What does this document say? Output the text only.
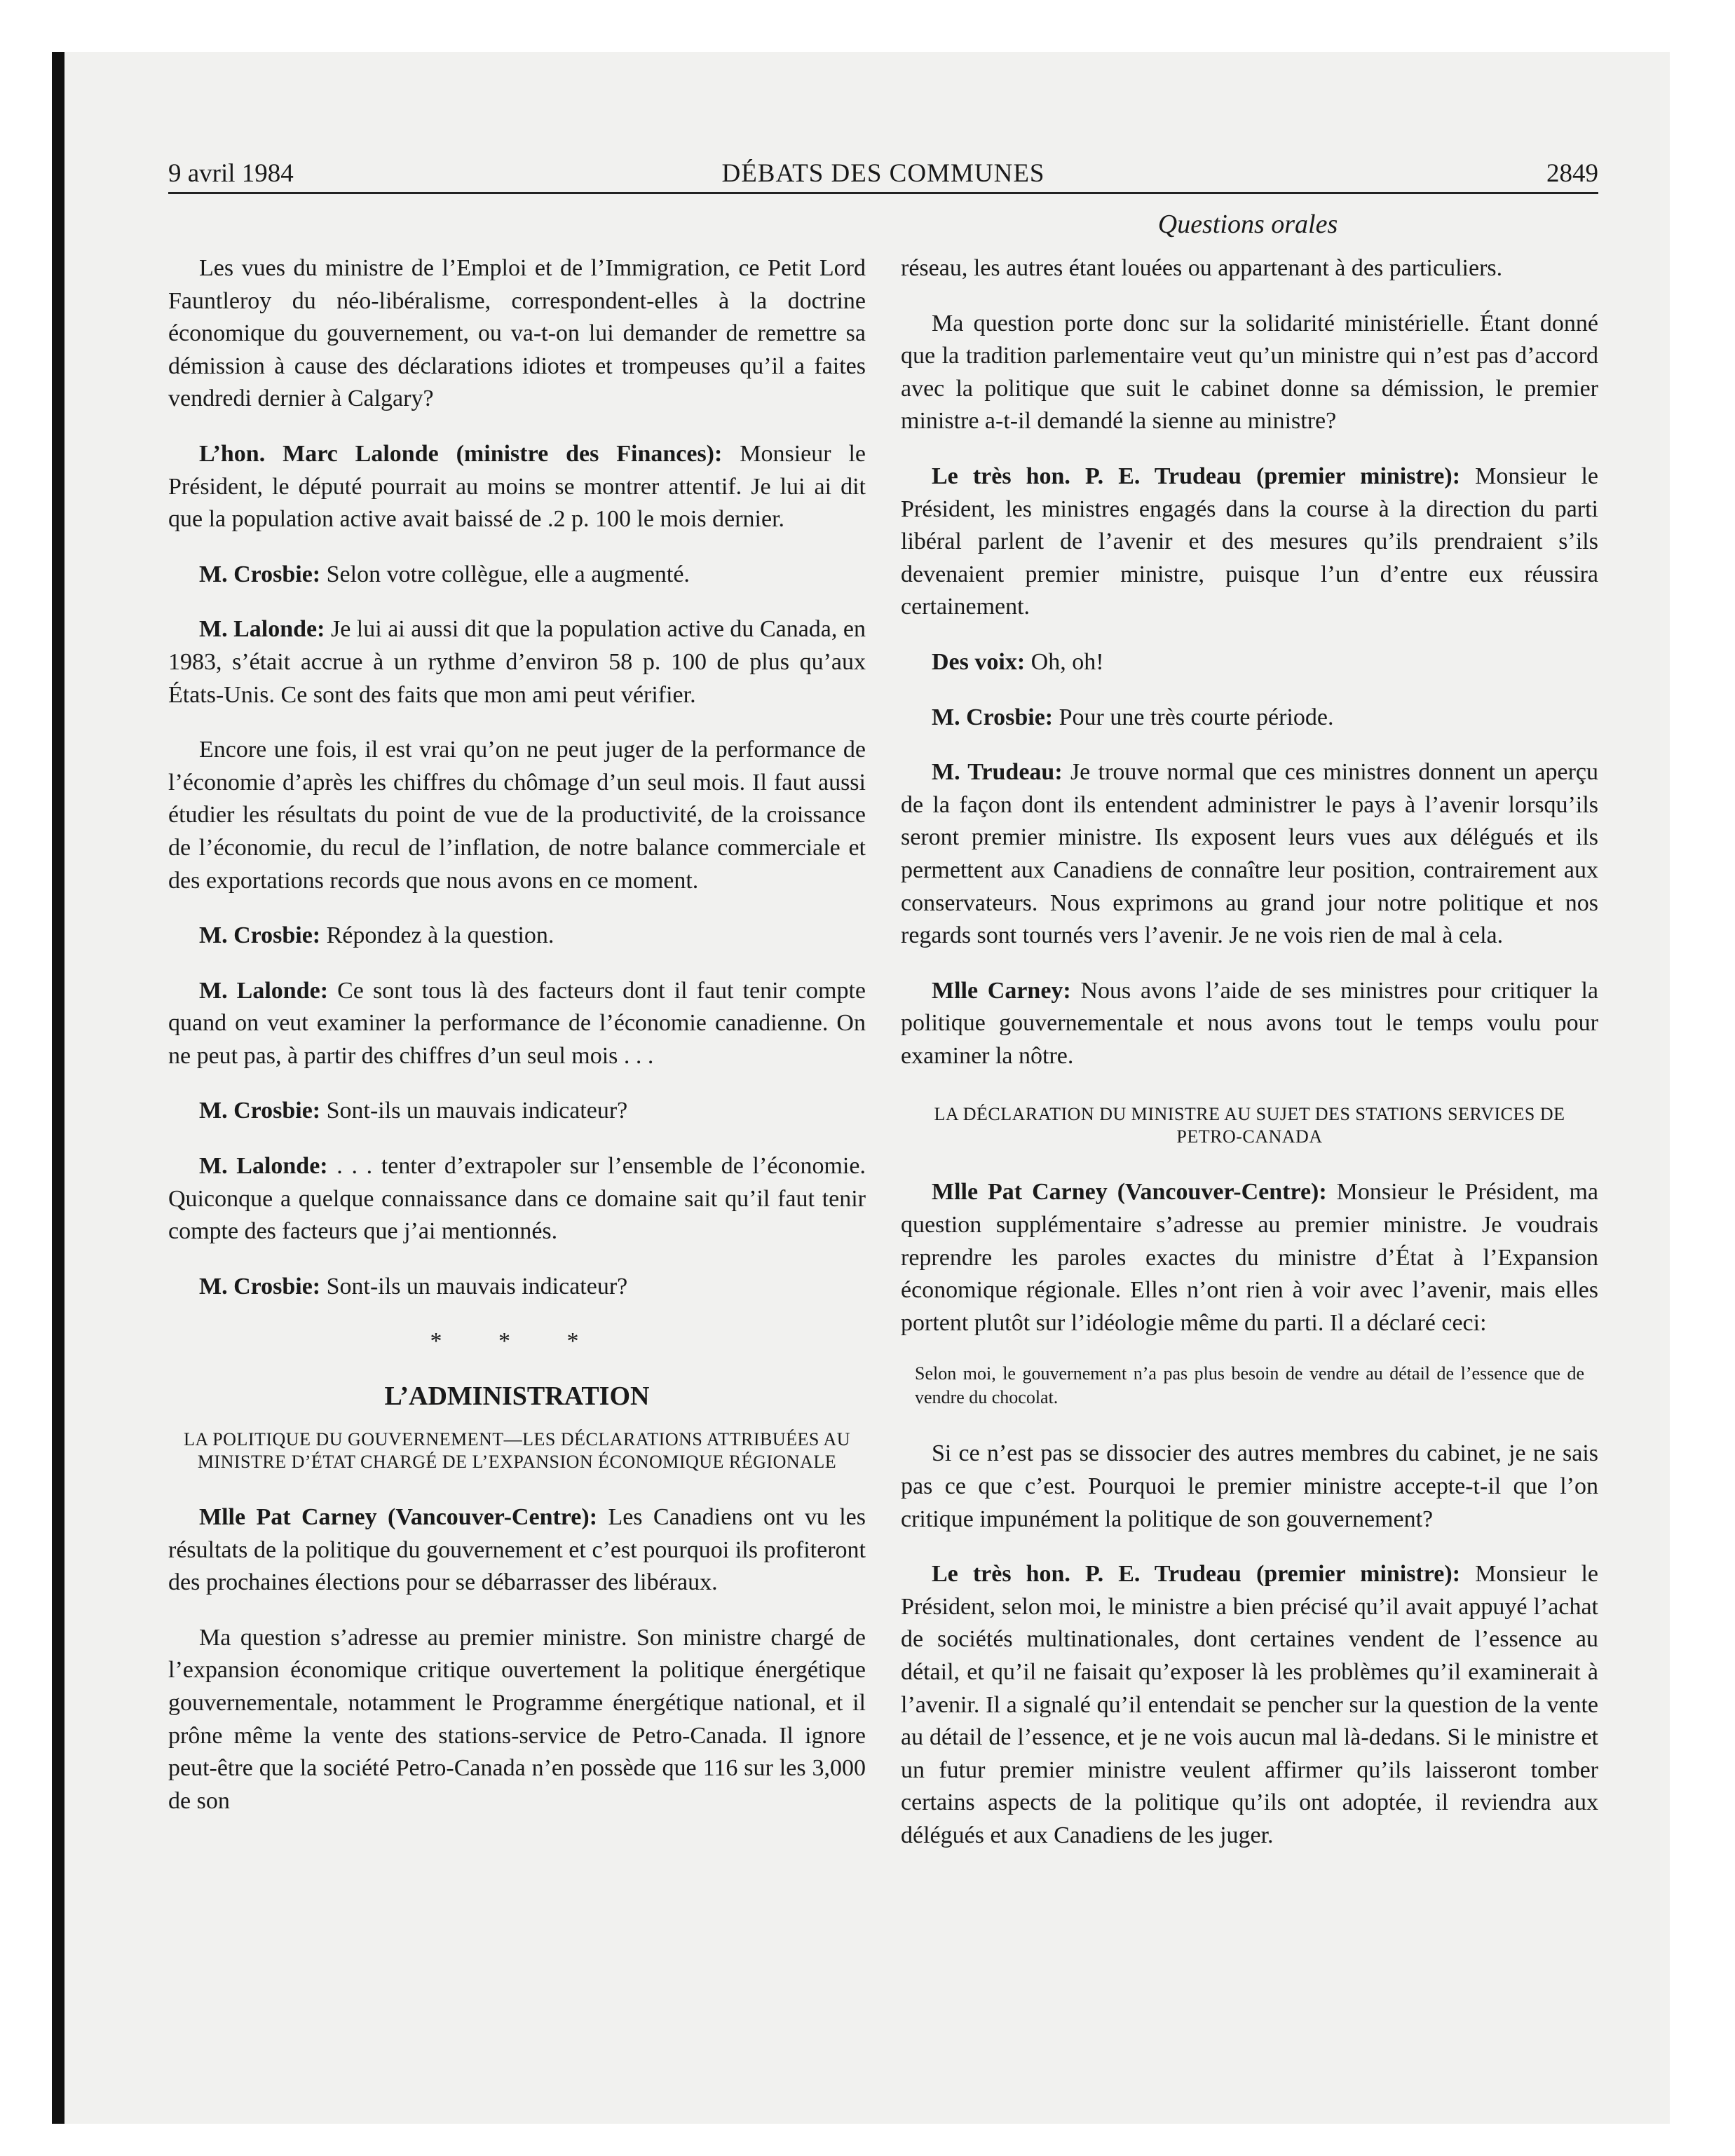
9 avril 1984	DÉBATS DES COMMUNES	2849
Questions orales

Les vues du ministre de l’Emploi et de l’Immigration, ce Petit Lord Fauntleroy du néo-libéralisme, correspondent-elles à la doctrine économique du gouvernement, ou va-t-on lui demander de remettre sa démission à cause des déclarations idiotes et trompeuses qu’il a faites vendredi dernier à Calgary?

L’hon. Marc Lalonde (ministre des Finances): Monsieur le Président, le député pourrait au moins se montrer attentif. Je lui ai dit que la population active avait baissé de .2 p. 100 le mois dernier.

M. Crosbie: Selon votre collègue, elle a augmenté.

M. Lalonde: Je lui ai aussi dit que la population active du Canada, en 1983, s’était accrue à un rythme d’environ 58 p. 100 de plus qu’aux États-Unis. Ce sont des faits que mon ami peut vérifier.

Encore une fois, il est vrai qu’on ne peut juger de la performance de l’économie d’après les chiffres du chômage d’un seul mois. Il faut aussi étudier les résultats du point de vue de la productivité, de la croissance de l’économie, du recul de l’inflation, de notre balance commerciale et des exportations records que nous avons en ce moment.

M. Crosbie: Répondez à la question.

M. Lalonde: Ce sont tous là des facteurs dont il faut tenir compte quand on veut examiner la performance de l’économie canadienne. On ne peut pas, à partir des chiffres d’un seul mois . . .

M. Crosbie: Sont-ils un mauvais indicateur?

M. Lalonde: . . . tenter d’extrapoler sur l’ensemble de l’économie. Quiconque a quelque connaissance dans ce domaine sait qu’il faut tenir compte des facteurs que j’ai mentionnés.

M. Crosbie: Sont-ils un mauvais indicateur?

* * *
L’ADMINISTRATION
LA POLITIQUE DU GOUVERNEMENT—LES DÉCLARATIONS ATTRIBUÉES AU MINISTRE D’ÉTAT CHARGÉ DE L’EXPANSION ÉCONOMIQUE RÉGIONALE

Mlle Pat Carney (Vancouver-Centre): Les Canadiens ont vu les résultats de la politique du gouvernement et c’est pourquoi ils profiteront des prochaines élections pour se débarrasser des libéraux.

Ma question s’adresse au premier ministre. Son ministre chargé de l’expansion économique critique ouvertement la politique énergétique gouvernementale, notamment le Programme énergétique national, et il prône même la vente des stations-service de Petro-Canada. Il ignore peut-être que la société Petro-Canada n’en possède que 116 sur les 3,000 de son

réseau, les autres étant louées ou appartenant à des particuliers.

Ma question porte donc sur la solidarité ministérielle. Étant donné que la tradition parlementaire veut qu’un ministre qui n’est pas d’accord avec la politique que suit le cabinet donne sa démission, le premier ministre a-t-il demandé la sienne au ministre?

Le très hon. P. E. Trudeau (premier ministre): Monsieur le Président, les ministres engagés dans la course à la direction du parti libéral parlent de l’avenir et des mesures qu’ils prendraient s’ils devenaient premier ministre, puisque l’un d’entre eux réussira certainement.

Des voix: Oh, oh!

M. Crosbie: Pour une très courte période.

M. Trudeau: Je trouve normal que ces ministres donnent un aperçu de la façon dont ils entendent administrer le pays à l’avenir lorsqu’ils seront premier ministre. Ils exposent leurs vues aux délégués et ils permettent aux Canadiens de connaître leur position, contrairement aux conservateurs. Nous exprimons au grand jour notre politique et nos regards sont tournés vers l’avenir. Je ne vois rien de mal à cela.

Mlle Carney: Nous avons l’aide de ses ministres pour critiquer la politique gouvernementale et nous avons tout le temps voulu pour examiner la nôtre.

LA DÉCLARATION DU MINISTRE AU SUJET DES STATIONS SERVICES DE PETRO-CANADA

Mlle Pat Carney (Vancouver-Centre): Monsieur le Président, ma question supplémentaire s’adresse au premier ministre. Je voudrais reprendre les paroles exactes du ministre d’État à l’Expansion économique régionale. Elles n’ont rien à voir avec l’avenir, mais elles portent plutôt sur l’idéologie même du parti. Il a déclaré ceci:

Selon moi, le gouvernement n’a pas plus besoin de vendre au détail de l’essence que de vendre du chocolat.

Si ce n’est pas se dissocier des autres membres du cabinet, je ne sais pas ce que c’est. Pourquoi le premier ministre accepte-t-il que l’on critique impunément la politique de son gouvernement?

Le très hon. P. E. Trudeau (premier ministre): Monsieur le Président, selon moi, le ministre a bien précisé qu’il avait appuyé l’achat de sociétés multinationales, dont certaines vendent de l’essence au détail, et qu’il ne faisait qu’exposer là les problèmes qu’il examinerait à l’avenir. Il a signalé qu’il entendait se pencher sur la question de la vente au détail de l’essence, et je ne vois aucun mal là-dedans. Si le ministre et un futur premier ministre veulent affirmer qu’ils laisseront tomber certains aspects de la politique qu’ils ont adoptée, il reviendra aux délégués et aux Canadiens de les juger.
